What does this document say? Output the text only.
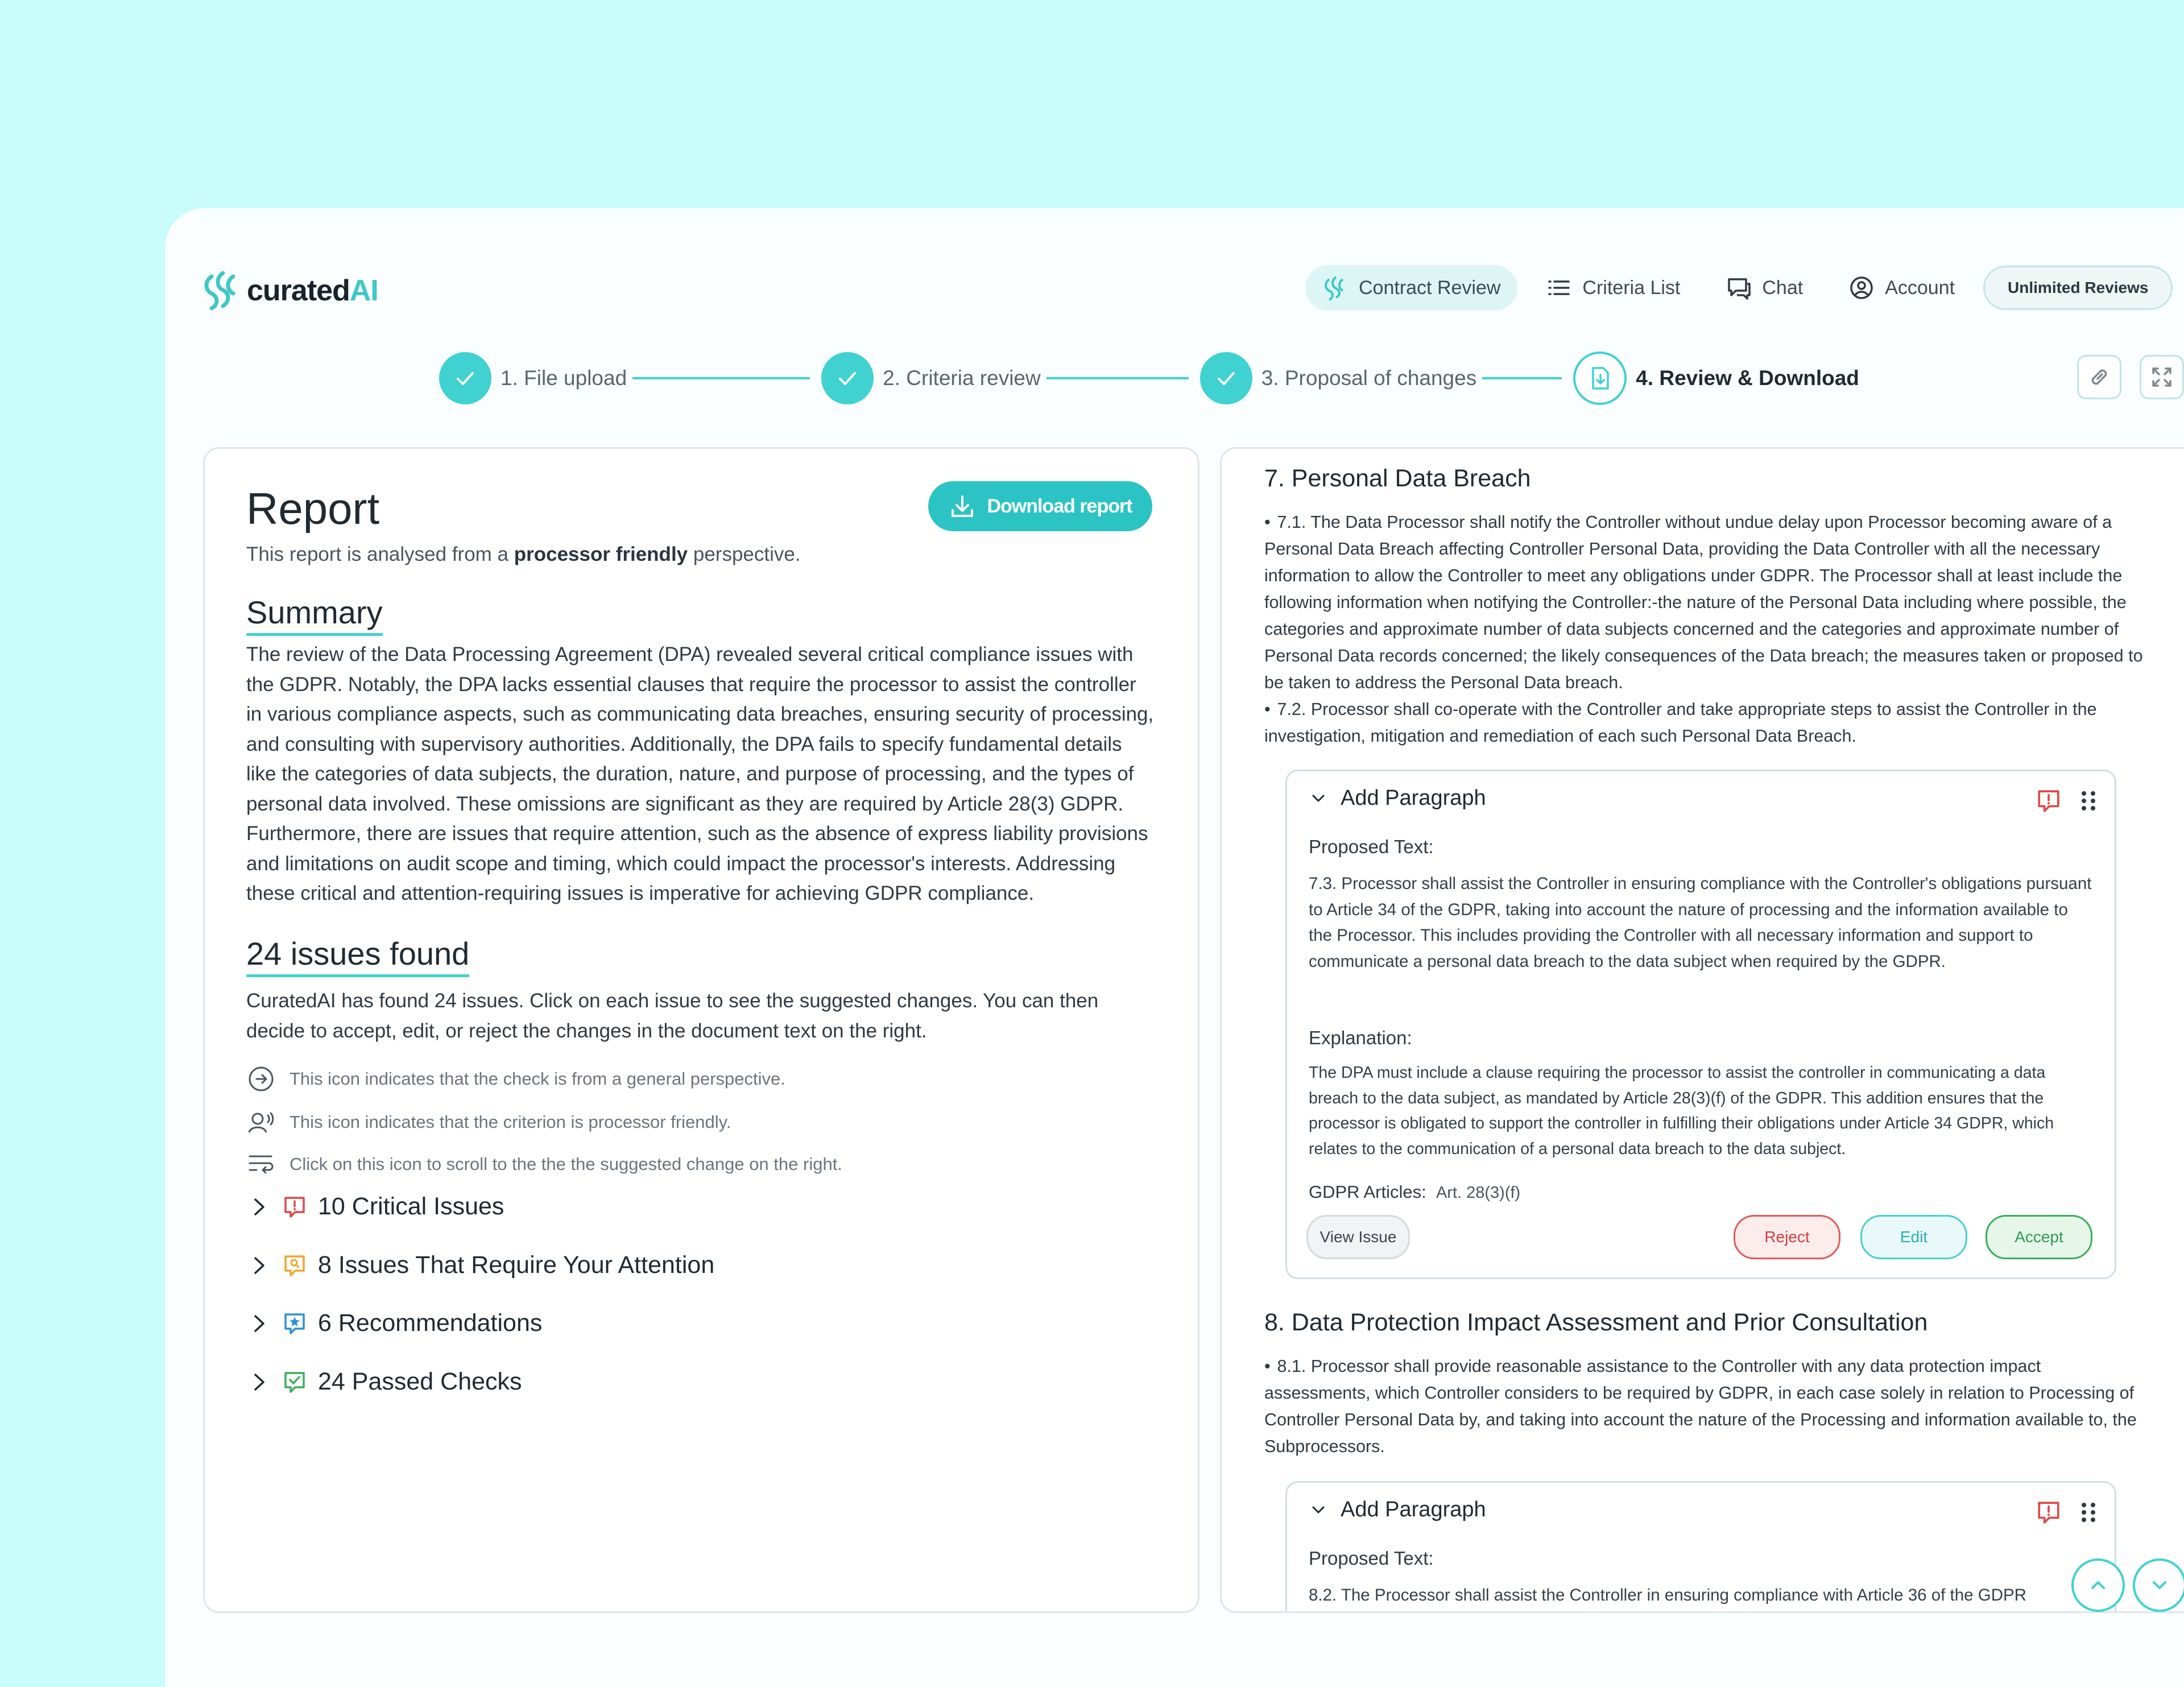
curatedAI	Contract Review	Criteria List	Chat	Account	Unlimited Reviews
1. File upload	2. Criteria review	3. Proposal of changes	4. Review & Download
Report	Download report
This report is analysed from a processor friendly perspective.
Summary
The review of the Data Processing Agreement (DPA) revealed several critical compliance issues with the GDPR. Notably, the DPA lacks essential clauses that require the processor to assist the controller in various compliance aspects, such as communicating data breaches, ensuring security of processing, and consulting with supervisory authorities. Additionally, the DPA fails to specify fundamental details like the categories of data subjects, the duration, nature, and purpose of processing, and the types of personal data involved. These omissions are significant as they are required by Article 28(3) GDPR. Furthermore, there are issues that require attention, such as the absence of express liability provisions and limitations on audit scope and timing, which could impact the processor's interests. Addressing these critical and attention-requiring issues is imperative for achieving GDPR compliance.
24 issues found
CuratedAI has found 24 issues. Click on each issue to see the suggested changes. You can then decide to accept, edit, or reject the changes in the document text on the right.
This icon indicates that the check is from a general perspective.
This icon indicates that the criterion is processor friendly.
Click on this icon to scroll to the the the suggested change on the right.
10 Critical Issues
8 Issues That Require Your Attention
6 Recommendations
24 Passed Checks
7. Personal Data Breach
• 7.1. The Data Processor shall notify the Controller without undue delay upon Processor becoming aware of a Personal Data Breach affecting Controller Personal Data, providing the Data Controller with all the necessary information to allow the Controller to meet any obligations under GDPR. The Processor shall at least include the following information when notifying the Controller:-the nature of the Personal Data including where possible, the categories and approximate number of data subjects concerned and the categories and approximate number of Personal Data records concerned; the likely consequences of the Data breach; the measures taken or proposed to be taken to address the Personal Data breach.
• 7.2. Processor shall co-operate with the Controller and take appropriate steps to assist the Controller in the investigation, mitigation and remediation of each such Personal Data Breach.
Add Paragraph
Proposed Text:
7.3. Processor shall assist the Controller in ensuring compliance with the Controller's obligations pursuant to Article 34 of the GDPR, taking into account the nature of processing and the information available to the Processor. This includes providing the Controller with all necessary information and support to communicate a personal data breach to the data subject when required by the GDPR.
Explanation:
The DPA must include a clause requiring the processor to assist the controller in communicating a data breach to the data subject, as mandated by Article 28(3)(f) of the GDPR. This addition ensures that the processor is obligated to support the controller in fulfilling their obligations under Article 34 GDPR, which relates to the communication of a personal data breach to the data subject.
GDPR Articles: Art. 28(3)(f)
View Issue	Reject	Edit	Accept
8. Data Protection Impact Assessment and Prior Consultation
• 8.1. Processor shall provide reasonable assistance to the Controller with any data protection impact assessments, which Controller considers to be required by GDPR, in each case solely in relation to Processing of Controller Personal Data by, and taking into account the nature of the Processing and information available to, the Subprocessors.
Add Paragraph
Proposed Text:
8.2. The Processor shall assist the Controller in ensuring compliance with Article 36 of the GDPR
